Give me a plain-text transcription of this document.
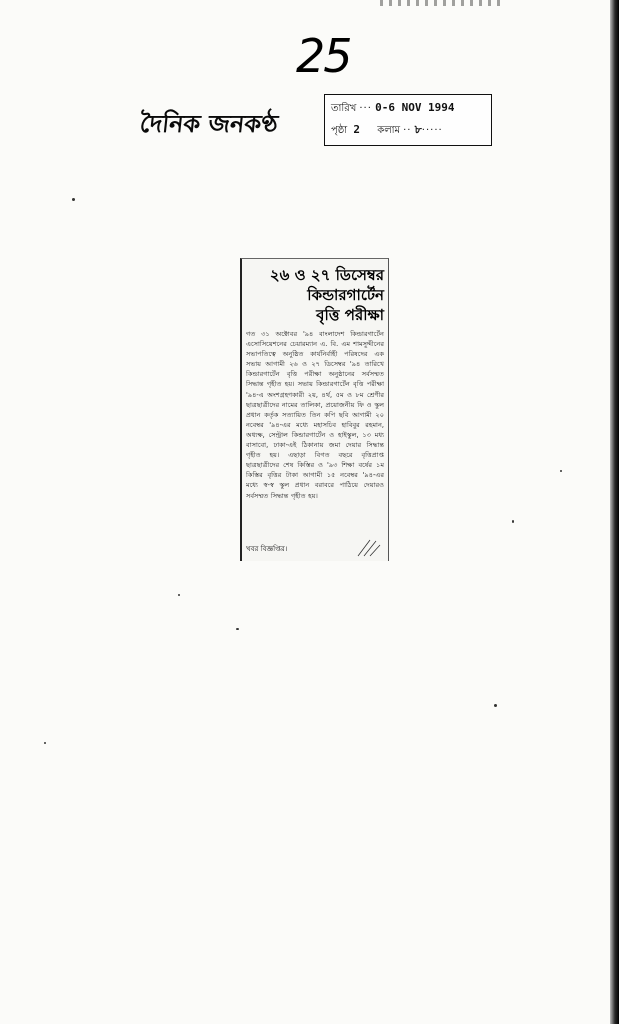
25
দৈনিক জনকণ্ঠ
তারিখ ··· 0-6 NOV 1994
পৃষ্ঠা 2 কলাম ·· ৮·····
২৬ ও ২৭ ডিসেম্বর
কিন্ডারগার্টেন
বৃত্তি পরীক্ষা
গত ৩১ অক্টোবর '৯৪ বাংলাদেশ কিন্ডারগার্টেন এসোসিয়েশনের চেয়ারম্যান এ. বি. এম শামসুদ্দীনের সভাপতিত্বে অনুষ্ঠিত কার্যনির্বাহী পরিষদের এক সভায় আগামী ২৬ ও ২৭ ডিসেম্বর '৯৪ তারিখে কিন্ডারগার্টেন বৃত্তি পরীক্ষা অনুষ্ঠানের সর্বসম্মত সিদ্ধান্ত গৃহীত হয়। সভায় কিন্ডারগার্টেন বৃত্তি পরীক্ষা '৯৪-এ অংশগ্রহণকারী ২য়, ৪র্থ, ৫ম ও ৮ম শ্রেণীর ছাত্রছাত্রীদের নামের তালিকা, প্রয়োজনীয় ফি ও স্কুল প্রধান কর্তৃক সত্যায়িত তিন কপি ছবি আগামী ২০ নবেম্বর '৯৪-এর মধ্যে মহাসচিব হাবিবুর রহমান, অধ্যক্ষ, সেন্ট্রাল কিন্ডারগার্টেন ও হাইস্কুল, ১৩ মধ্য বাসাবো, ঢাকা-এই ঠিকানায় জমা দেয়ার সিদ্ধান্ত গৃহীত হয়। এছাড়া বিগত বছরে বৃত্তিপ্রাপ্ত ছাত্রছাত্রীদের শেষ কিস্তির ও '৯৩ শিক্ষা বর্ষের ১ম কিস্তির বৃত্তির টাকা আগামী ১৫ নবেম্বর '৯৪-এর মধ্যে স্ব-স্ব স্কুল প্রধান বরাবরে পাঠিয়ে দেয়ারও সর্বসম্মত সিদ্ধান্ত গৃহীত হয়।
খবর বিজ্ঞপ্তির।
